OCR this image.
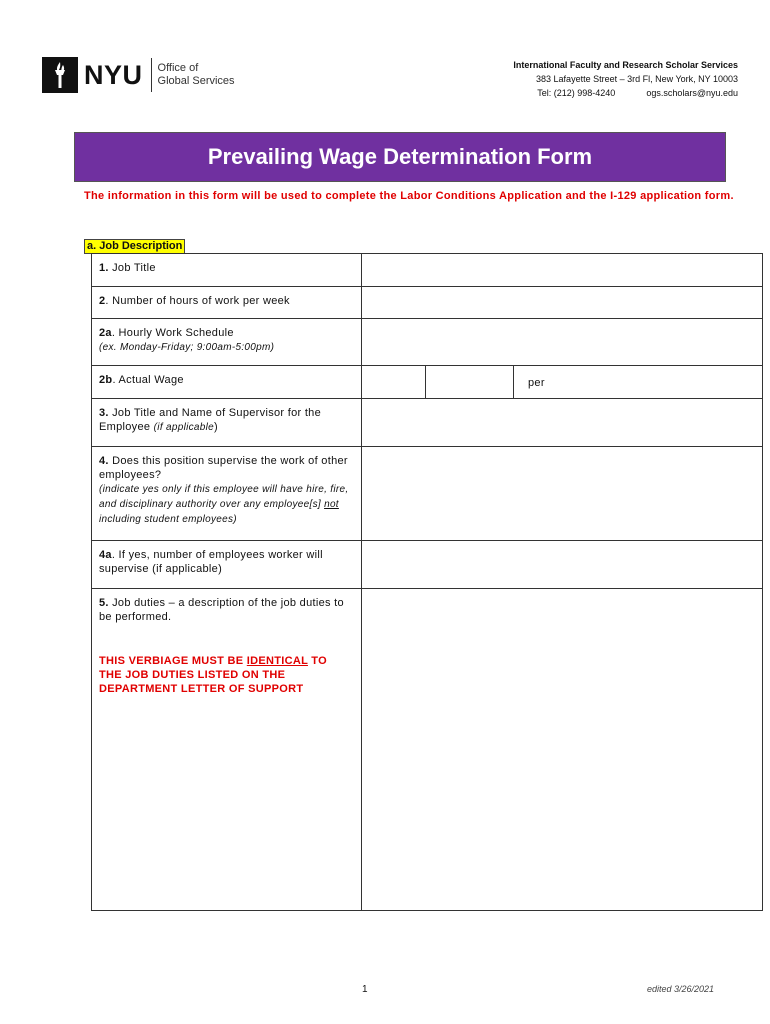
NYU Office of
Global Services
International Faculty and Research Scholar Services
383 Lafayette Street – 3rd Fl, New York, NY 10003
Tel: (212) 998-4240	ogs.scholars@nyu.edu
Prevailing Wage Determination Form
The information in this form will be used to complete the Labor Conditions Application and the I-129 application form.
a. Job Description
1. Job Title	
2. Number of hours of work per week	
2a. Hourly Work Schedule
(ex. Monday-Friday; 9:00am-5:00pm)	
2b. Actual Wage	per

3. Job Title and Name of Supervisor for the Employee (if applicable)	
4. Does this position supervise the work of other employees?
(indicate yes only if this employee will have hire, fire, and disciplinary authority over any employee[s] not including student employees)	
4a. If yes, number of employees worker will supervise (if applicable)	
5. Job duties – a description of the job duties to be performed.
THIS VERBIAGE MUST BE IDENTICAL TO THE JOB DUTIES LISTED ON THE DEPARTMENT LETTER OF SUPPORT	

1	edited 3/26/2021
